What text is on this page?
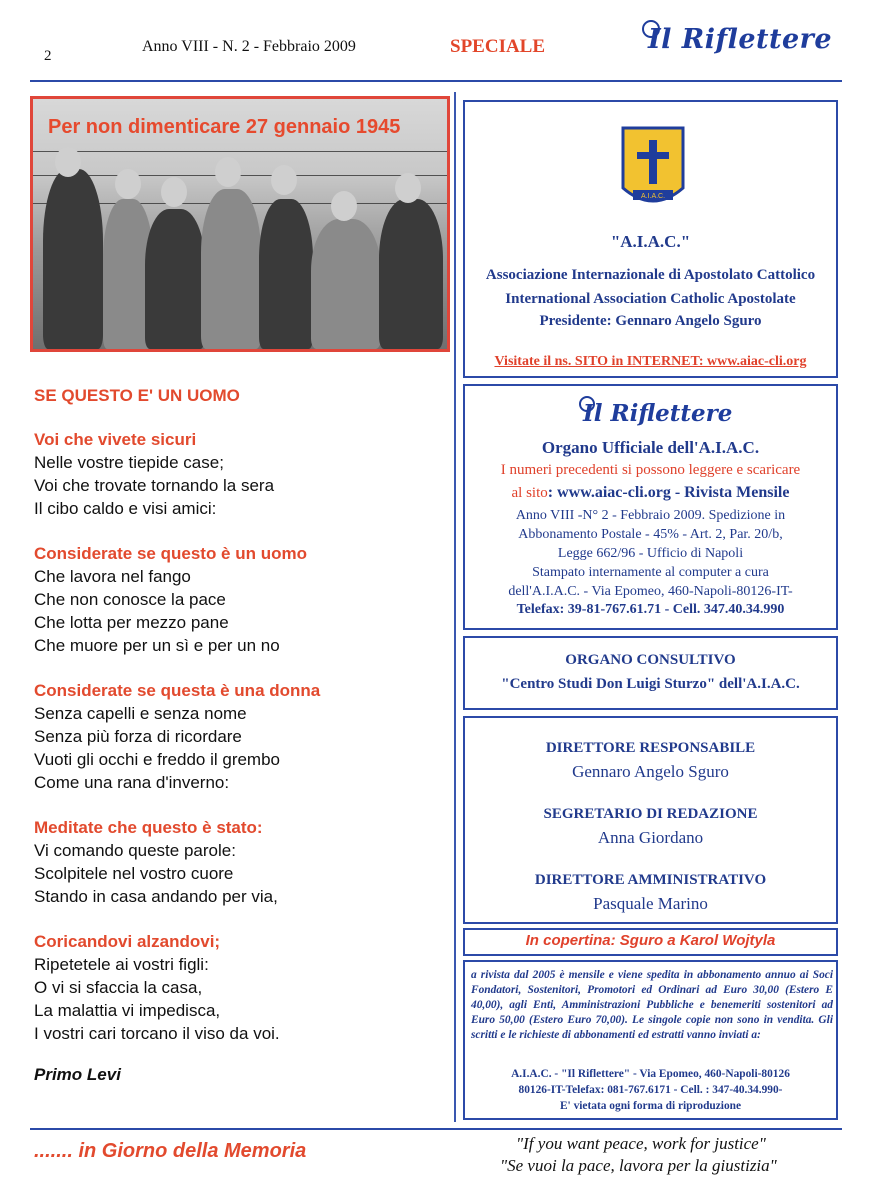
2
Anno VIII - N. 2 - Febbraio 2009	SPECIALE	Il Riflettere
Per non dimenticare 27 gennaio 1945

SE QUESTO E' UN UOMO

Voi che vivete sicuri

Nelle vostre tiepide case;

Voi che trovate tornando la sera

Il cibo caldo e visi amici:

Considerate se questo è un uomo

Che lavora nel fango

Che non conosce la pace

Che lotta per mezzo pane

Che muore per un sì e per un no

Considerate se questa è una donna

Senza capelli e senza nome

Senza più forza di ricordare

Vuoti gli occhi e freddo il grembo

Come una rana d'inverno:

Meditate che questo è stato:

Vi comando queste parole:

Scolpitele nel vostro cuore

Stando in casa andando per via,

Coricandovi alzandovi;

Ripetetele ai vostri figli:

O vi si sfaccia la casa,

La malattia vi impedisca,

I vostri cari torcano il viso da voi.

Primo Levi

A.I.A.C.
"A.I.A.C."
Associazione Internazionale di Apostolato Cattolico
International Association Catholic Apostolate
Presidente: Gennaro Angelo Sguro
Visitate il ns. SITO in INTERNET: www.aiac-cli.org
Il Riflettere

Organo Ufficiale dell'A.I.A.C.

I numeri precedenti si possono leggere e scaricare

al sito: www.aiac-cli.org - Rivista Mensile

Anno VIII -N° 2 - Febbraio 2009. Spedizione in

Abbonamento Postale - 45% - Art. 2, Par. 20/b,

Legge 662/96 - Ufficio di Napoli

Stampato internamente al computer a cura

dell'A.I.A.C. - Via Epomeo, 460-Napoli-80126-IT-

Telefax: 39-81-767.61.71 - Cell. 347.40.34.990

ORGANO CONSULTIVO
"Centro Studi Don Luigi Sturzo" dell'A.I.A.C.
DIRETTORE RESPONSABILE
Gennaro Angelo Sguro
SEGRETARIO DI REDAZIONE
Anna Giordano
DIRETTORE AMMINISTRATIVO
Pasquale Marino
In copertina: Sguro a Karol Wojtyla
a rivista dal 2005 è mensile e viene spedita in abbonamento annuo ai Soci Fondatori, Sostenitori, Promotori ed Ordinari ad Euro 30,00 (Estero E 40,00), agli Enti, Amministrazioni Pubbliche e benemeriti sostenitori ad Euro 50,00 (Estero Euro 70,00). Le singole copie non sono in vendita. Gli scritti e le richieste di abbonamenti ed estratti vanno inviati a:
A.I.A.C. - "Il Riflettere" - Via Epomeo, 460-Napoli-80126
80126-IT-Telefax: 081-767.6171 - Cell. : 347-40.34.990-
E' vietata ogni forma di riproduzione
....... in Giorno della Memoria	"If you want peace, work for justice"
"Se vuoi la pace, lavora per la giustizia"
